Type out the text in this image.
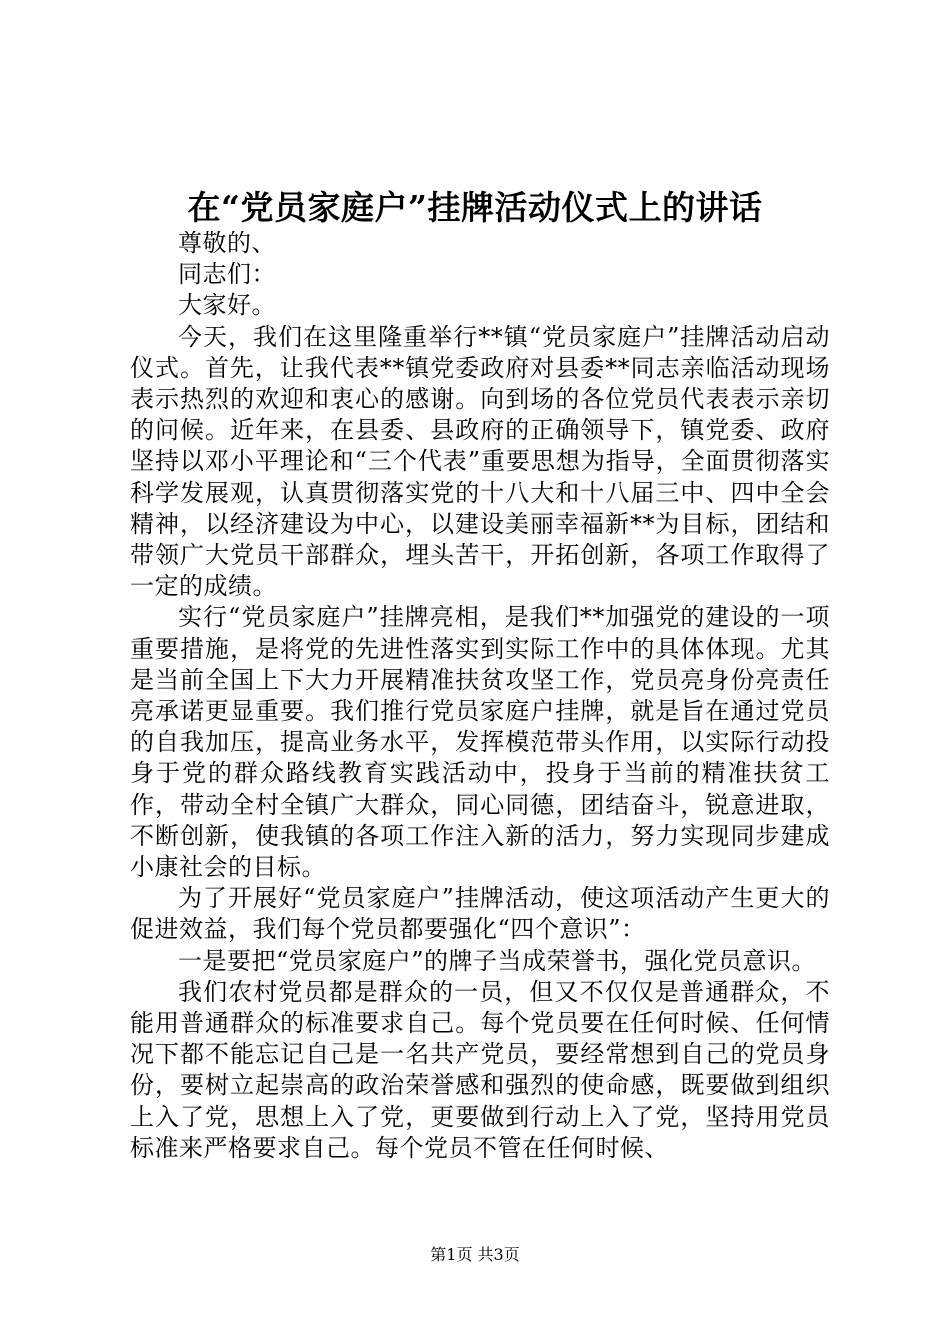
在“党员家庭户”挂牌活动仪式上的讲话

尊敬的、

同志们：

大家好。

今天，我们在这里隆重举行**镇“党员家庭户”挂牌活动启动仪式。首先，让我代表**镇党委政府对县委**同志亲临活动现场表示热烈的欢迎和衷心的感谢。向到场的各位党员代表表示亲切的问候。近年来，在县委、县政府的正确领导下，镇党委、政府坚持以邓小平理论和“三个代表”重要思想为指导，全面贯彻落实科学发展观，认真贯彻落实党的十八大和十八届三中、四中全会精神，以经济建设为中心，以建设美丽幸福新**为目标，团结和带领广大党员干部群众，埋头苦干，开拓创新，各项工作取得了一定的成绩。

实行“党员家庭户”挂牌亮相，是我们**加强党的建设的一项重要措施，是将党的先进性落实到实际工作中的具体体现。尤其是当前全国上下大力开展精准扶贫攻坚工作，党员亮身份亮责任亮承诺更显重要。我们推行党员家庭户挂牌，就是旨在通过党员的自我加压，提高业务水平，发挥模范带头作用，以实际行动投身于党的群众路线教育实践活动中，投身于当前的精准扶贫工作，带动全村全镇广大群众，同心同德，团结奋斗，锐意进取，不断创新，使我镇的各项工作注入新的活力，努力实现同步建成小康社会的目标。

为了开展好“党员家庭户”挂牌活动，使这项活动产生更大的促进效益，我们每个党员都要强化“四个意识”：

一是要把“党员家庭户”的牌子当成荣誉书，强化党员意识。

我们农村党员都是群众的一员，但又不仅仅是普通群众，不能用普通群众的标准要求自己。每个党员要在任何时候、任何情况下都不能忘记自己是一名共产党员，要经常想到自己的党员身份，要树立起崇高的政治荣誉感和强烈的使命感，既要做到组织上入了党，思想上入了党，更要做到行动上入了党，坚持用党员标准来严格要求自己。每个党员不管在任何时候、

第1页 共3页
